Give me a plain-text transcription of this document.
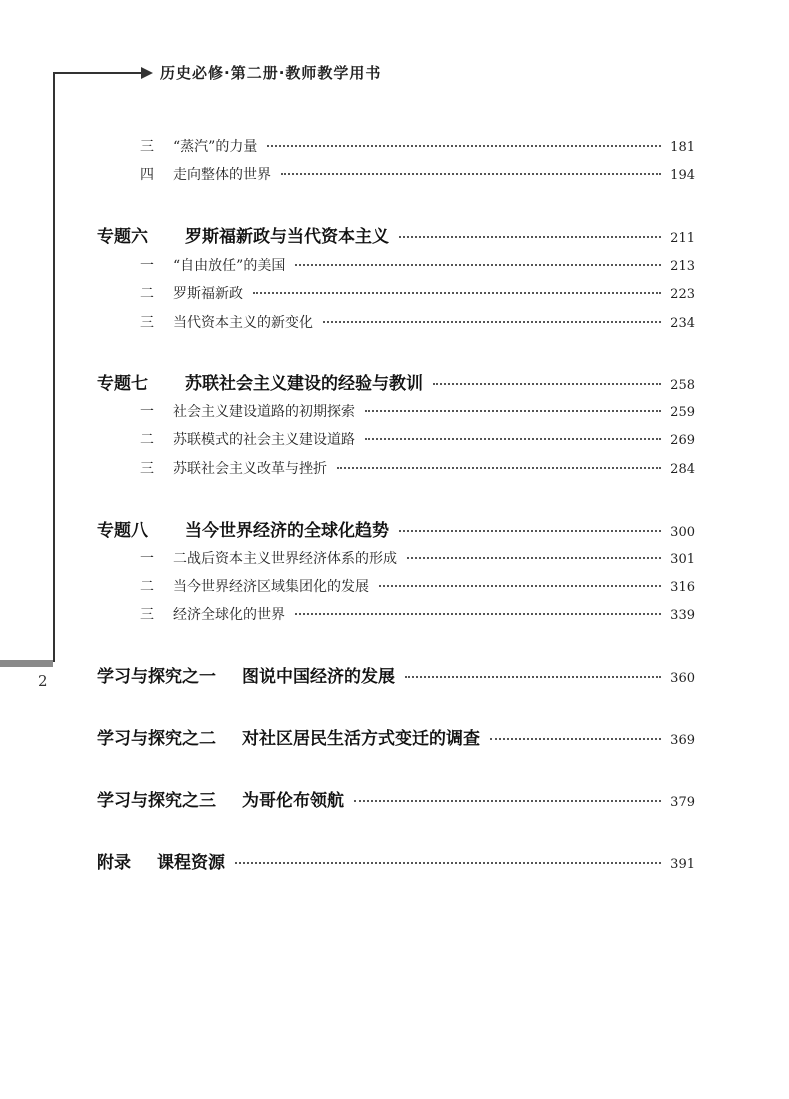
历史必修·第二册·教师教学用书
2
三	“蒸汽”的力量	181
四	走向整体的世界	194
专题六	罗斯福新政与当代资本主义	211
一	“自由放任”的美国	213
二	罗斯福新政	223
三	当代资本主义的新变化	234
专题七	苏联社会主义建设的经验与教训	258
一	社会主义建设道路的初期探索	259
二	苏联模式的社会主义建设道路	269
三	苏联社会主义改革与挫折	284
专题八	当今世界经济的全球化趋势	300
一	二战后资本主义世界经济体系的形成	301
二	当今世界经济区域集团化的发展	316
三	经济全球化的世界	339
学习与探究之一 图说中国经济的发展	360
学习与探究之二 对社区居民生活方式变迁的调查	369
学习与探究之三 为哥伦布领航	379
附录 课程资源	391
